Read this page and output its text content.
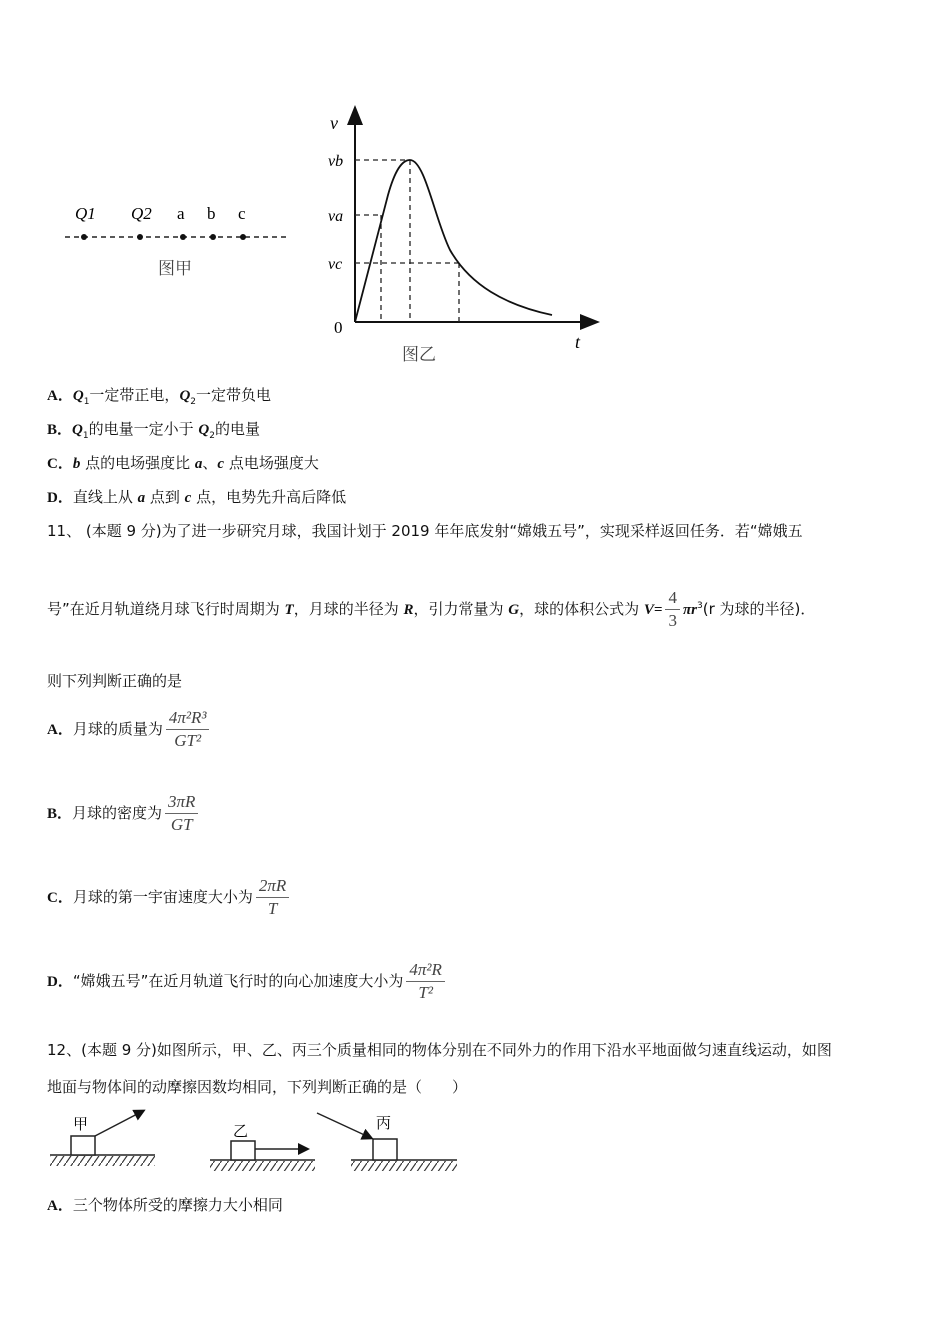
Q1 Q2 a b c
图甲
v
vb
va
vc
0
t
图乙
A．$Q_1$一定带正电，$Q_2$一定带负电
B．$Q_1$的电量一定小于 $Q_2$的电量
C．b 点的电场强度比 a、c 点电场强度大
D．直线上从 a 点到 c 点，电势先升高后降低
11、 (本题 9 分)为了进一步研究月球，我国计划于 2019 年年底发射“嫦娥五号”，实现采样返回任务．若“嫦娥五
号”在近月轨道绕月球飞行时周期为 T，月球的半径为 R，引力常量为 G，球的体积公式为 $V= \frac{4}{3} \pi r^3(r$ 为球的半径)．
则下列判断正确的是
A．月球的质量为 $\frac{\text{4π²R³}}{\text{GT²}}$
B．月球的密度为 $\frac{3\pi R}{GT}$
C．月球的第一宇宙速度大小为 $\frac{2\pi R}{T}$
D．“嫦娥五号”在近月轨道飞行时的向心加速度大小为 $\frac{\text{4π²R}}{\text{T²}}$
12、(本题 9 分)如图所示，甲、乙、丙三个质量相同的物体分别在不同外力的作用下沿水平地面做匀速直线运动，如图
地面与物体间的动摩擦因数均相同，下列判断正确的是（　　）
甲	乙	丙
A．三个物体所受的摩擦力大小相同
